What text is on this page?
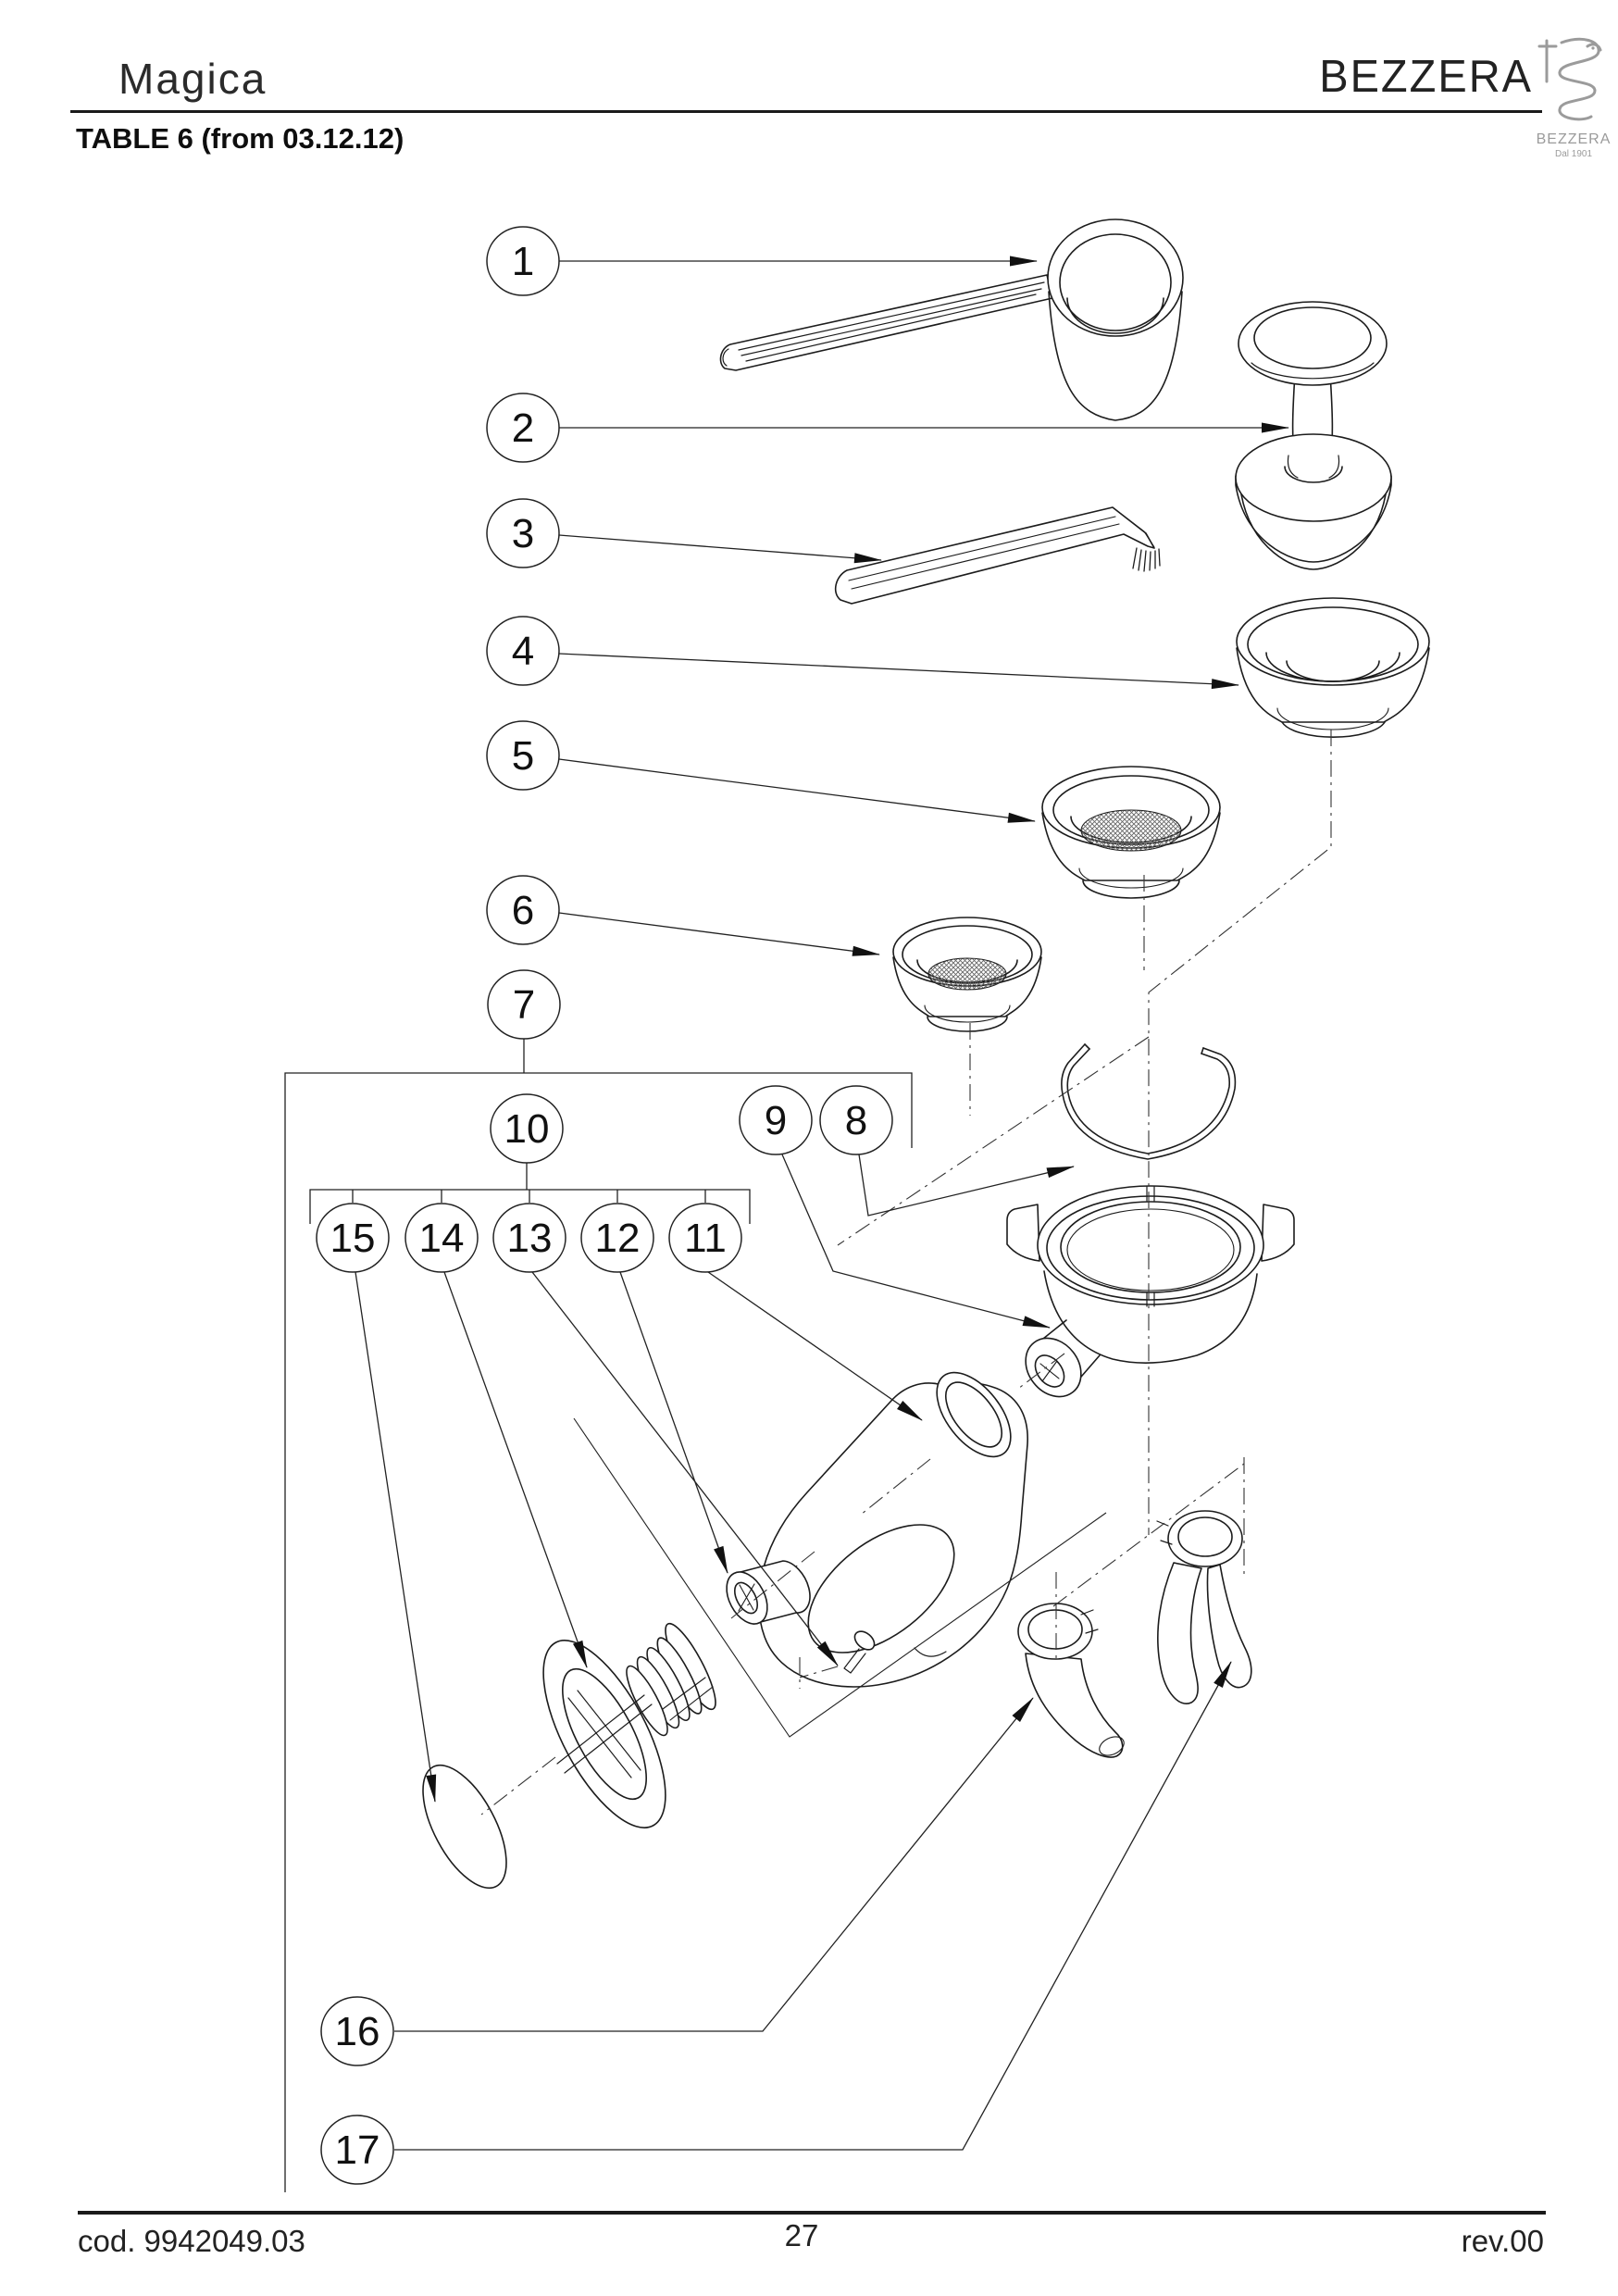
Magica	BEZZERA
TABLE 6 (from 03.12.12)	BEZZERA
Dal 1901
1
2
3
4
5
6
7
8
9
10
11
12
13
14
15
16
17
cod. 9942049.03	27	rev.00
